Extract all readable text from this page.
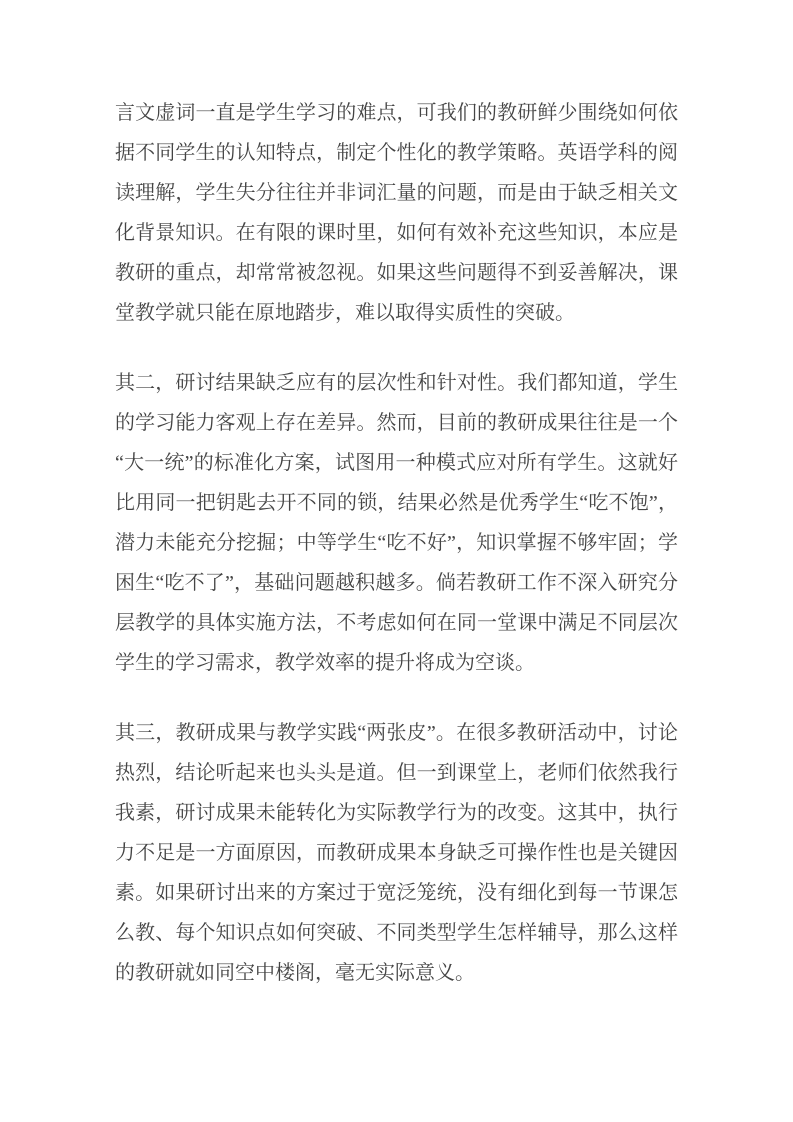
言文虚词一直是学生学习的难点，可我们的教研鲜少围绕如何依
据不同学生的认知特点，制定个性化的教学策略。英语学科的阅
读理解，学生失分往往并非词汇量的问题，而是由于缺乏相关文
化背景知识。在有限的课时里，如何有效补充这些知识，本应是
教研的重点，却常常被忽视。如果这些问题得不到妥善解决，课
堂教学就只能在原地踏步，难以取得实质性的突破。
其二，研讨结果缺乏应有的层次性和针对性。我们都知道，学生
的学习能力客观上存在差异。然而，目前的教研成果往往是一个
“大一统”的标准化方案，试图用一种模式应对所有学生。这就好
比用同一把钥匙去开不同的锁，结果必然是优秀学生“吃不饱”，
潜力未能充分挖掘；中等学生“吃不好”，知识掌握不够牢固；学
困生“吃不了”，基础问题越积越多。倘若教研工作不深入研究分
层教学的具体实施方法，不考虑如何在同一堂课中满足不同层次
学生的学习需求，教学效率的提升将成为空谈。
其三，教研成果与教学实践“两张皮”。在很多教研活动中，讨论
热烈，结论听起来也头头是道。但一到课堂上，老师们依然我行
我素，研讨成果未能转化为实际教学行为的改变。这其中，执行
力不足是一方面原因，而教研成果本身缺乏可操作性也是关键因
素。如果研讨出来的方案过于宽泛笼统，没有细化到每一节课怎
么教、每个知识点如何突破、不同类型学生怎样辅导，那么这样
的教研就如同空中楼阁，毫无实际意义。
